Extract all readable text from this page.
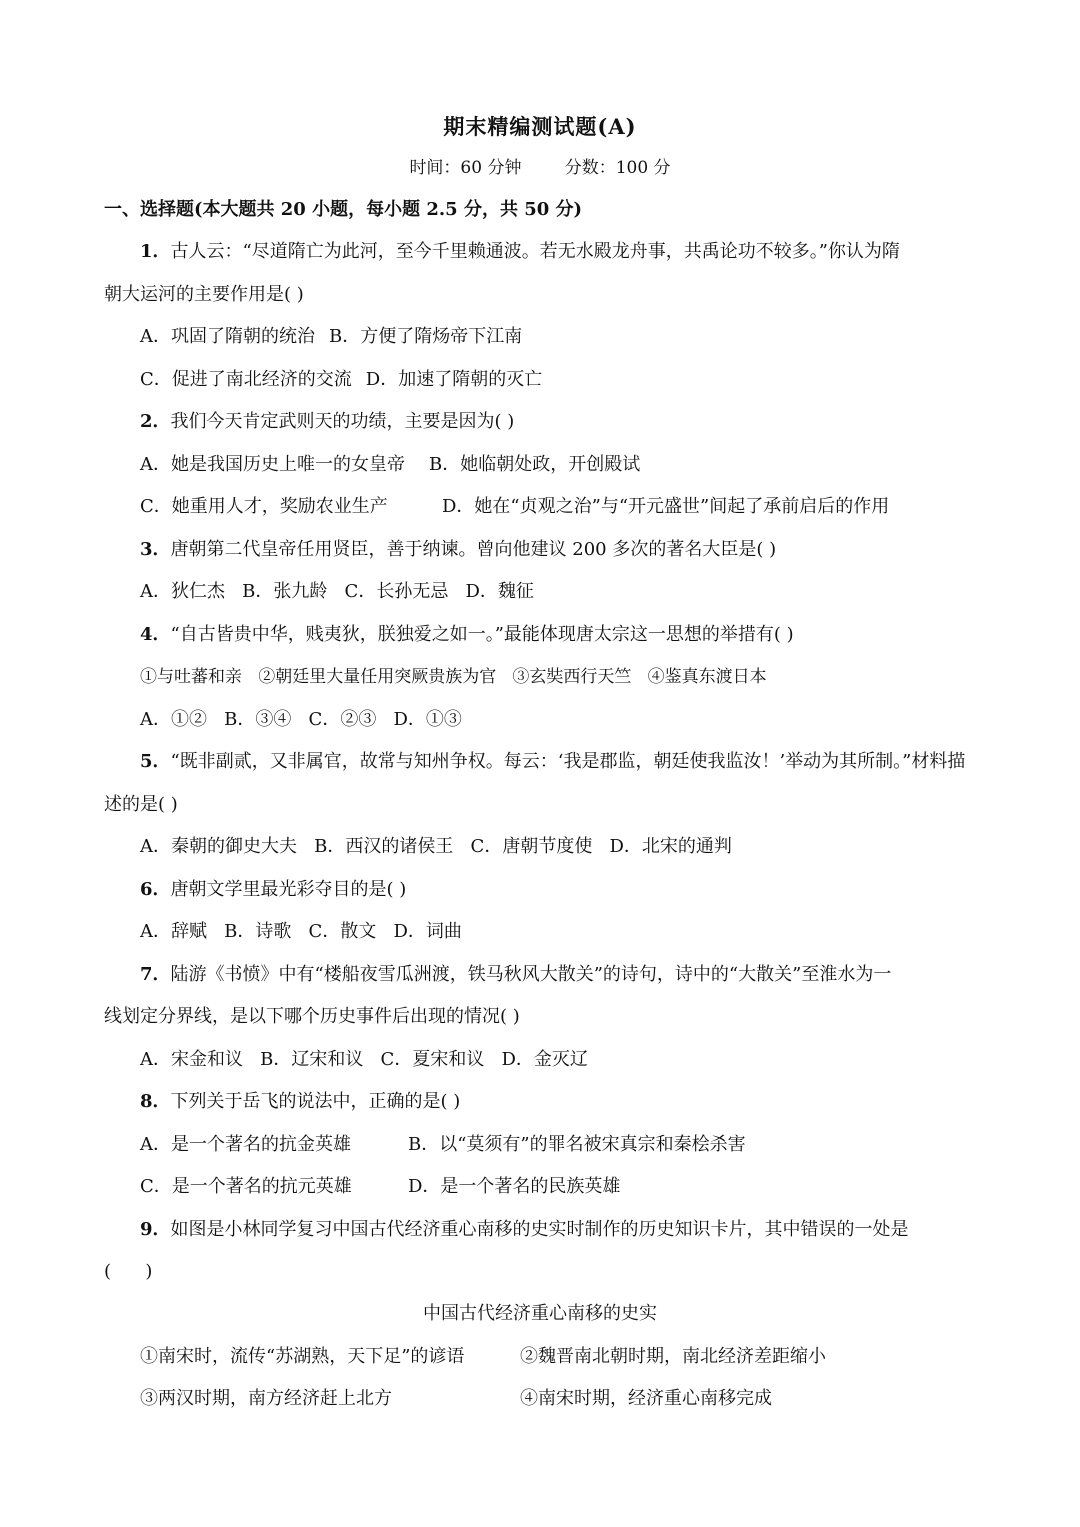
期末精编测试题(A)
时间：60 分钟        分数：100 分
一、选择题(本大题共 20 小题，每小题 2.5 分，共 50 分)
1．古人云：“尽道隋亡为此河，至今千里赖通波。若无水殿龙舟事，共禹论功不较多。”你认为隋
朝大运河的主要作用是( )
A．巩固了隋朝的统治 B．方便了隋炀帝下江南
C．促进了南北经济的交流 D．加速了隋朝的灭亡
2．我们今天肯定武则天的功绩，主要是因为( )
A．她是我国历史上唯一的女皇帝 B．她临朝处政，开创殿试
C．她重用人才，奖励农业生产	D．她在“贞观之治”与“开元盛世”间起了承前启后的作用
3．唐朝第二代皇帝任用贤臣，善于纳谏。曾向他建议 200 多次的著名大臣是( )
A．狄仁杰   B．张九龄   C．长孙无忌   D．魏征
4．“自古皆贵中华，贱夷狄，朕独爱之如一。”最能体现唐太宗这一思想的举措有( )
①与吐蕃和亲   ②朝廷里大量任用突厥贵族为官   ③玄奘西行天竺   ④鉴真东渡日本
A．①②   B．③④   C．②③   D．①③
5．“既非副贰，又非属官，故常与知州争权。每云：‘我是郡监，朝廷使我监汝！’举动为其所制。”材料描
述的是( )
A．秦朝的御史大夫   B．西汉的诸侯王   C．唐朝节度使   D．北宋的通判
6．唐朝文学里最光彩夺目的是( )
A．辞赋   B．诗歌   C．散文   D．词曲
7．陆游《书愤》中有“楼船夜雪瓜洲渡，铁马秋风大散关”的诗句，诗中的“大散关”至淮水为一
线划定分界线，是以下哪个历史事件后出现的情况( )
A．宋金和议   B．辽宋和议   C．夏宋和议   D．金灭辽
8．下列关于岳飞的说法中，正确的是( )
A．是一个著名的抗金英雄	B．以“莫须有”的罪名被宋真宗和秦桧杀害
C．是一个著名的抗元英雄	D．是一个著名的民族英雄
9．如图是小林同学复习中国古代经济重心南移的史实时制作的历史知识卡片，其中错误的一处是
(      )
中国古代经济重心南移的史实
①南宋时，流传“苏湖熟，天下足”的谚语	②魏晋南北朝时期，南北经济差距缩小
③两汉时期，南方经济赶上北方	④南宋时期，经济重心南移完成
